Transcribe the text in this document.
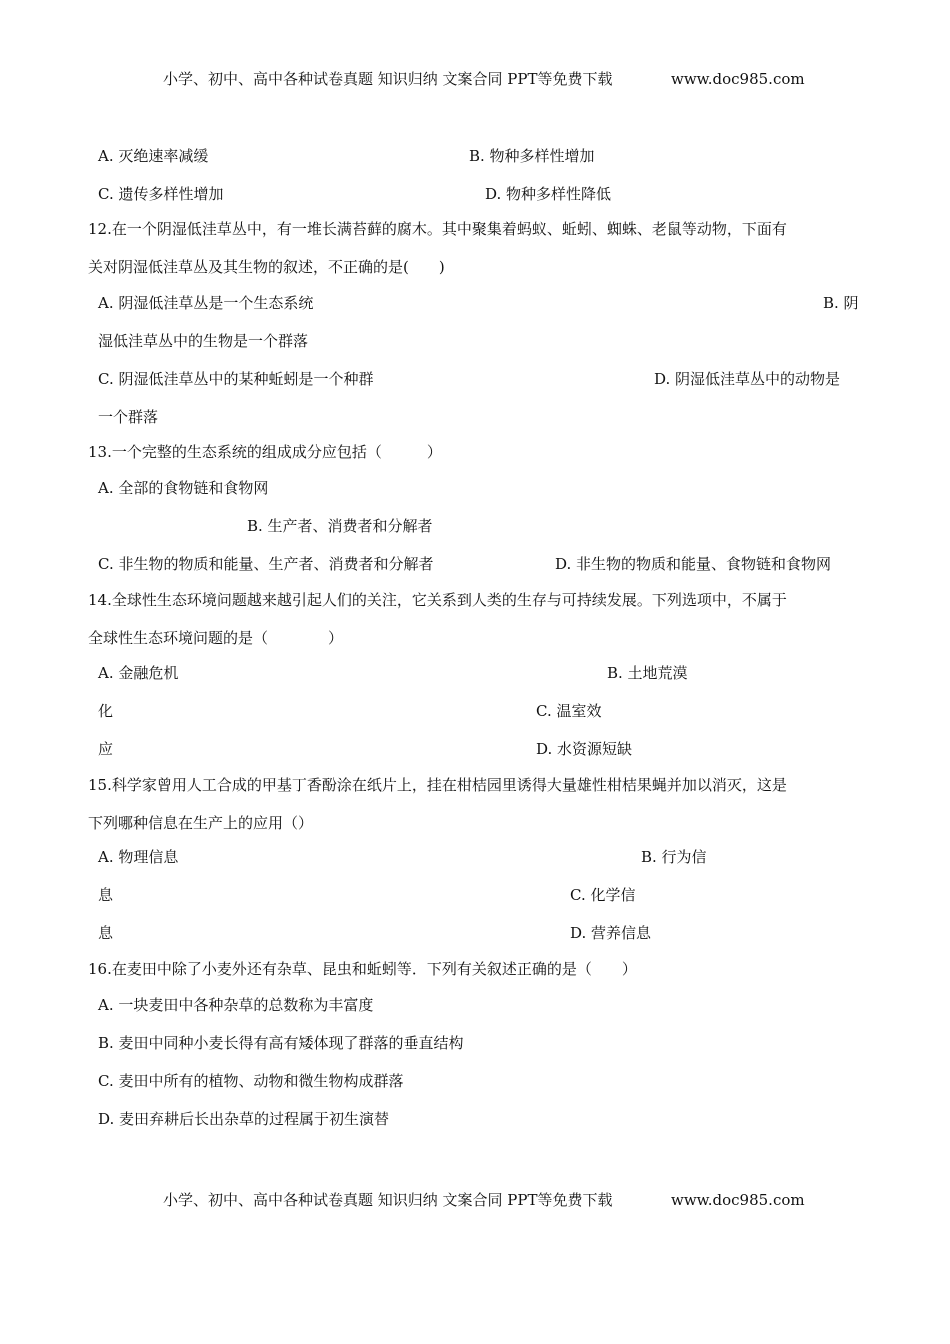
小学、初中、高中各种试卷真题 知识归纳 文案合同 PPT等免费下载	www.doc985.com
A. 灭绝速率减缓	B. 物种多样性增加
C. 遗传多样性增加	D. 物种多样性降低
12.在一个阴湿低洼草丛中，有一堆长满苔藓的腐木。其中聚集着蚂蚁、蚯蚓、蜘蛛、老鼠等动物，下面有
关对阴湿低洼草丛及其生物的叙述，不正确的是(　　)
A. 阴湿低洼草丛是一个生态系统	B. 阴
湿低洼草丛中的生物是一个群落
C. 阴湿低洼草丛中的某种蚯蚓是一个种群	D. 阴湿低洼草丛中的动物是
一个群落
13.一个完整的生态系统的组成成分应包括（　　　）
A. 全部的食物链和食物网
B. 生产者、消费者和分解者
C. 非生物的物质和能量、生产者、消费者和分解者	D. 非生物的物质和能量、食物链和食物网
14.全球性生态环境问题越来越引起人们的关注，它关系到人类的生存与可持续发展。下列选项中，不属于
全球性生态环境问题的是（　　　　）
A. 金融危机	B. 土地荒漠
化	C. 温室效
应	D. 水资源短缺
15.科学家曾用人工合成的甲基丁香酚涂在纸片上，挂在柑桔园里诱得大量雄性柑桔果蝇并加以消灭，这是
下列哪种信息在生产上的应用（）
A. 物理信息	B. 行为信
息	C. 化学信
息	D. 营养信息
16.在麦田中除了小麦外还有杂草、昆虫和蚯蚓等．下列有关叙述正确的是（　　）
A. 一块麦田中各种杂草的总数称为丰富度
B. 麦田中同种小麦长得有高有矮体现了群落的垂直结构
C. 麦田中所有的植物、动物和微生物构成群落
D. 麦田弃耕后长出杂草的过程属于初生演替
小学、初中、高中各种试卷真题 知识归纳 文案合同 PPT等免费下载	www.doc985.com
